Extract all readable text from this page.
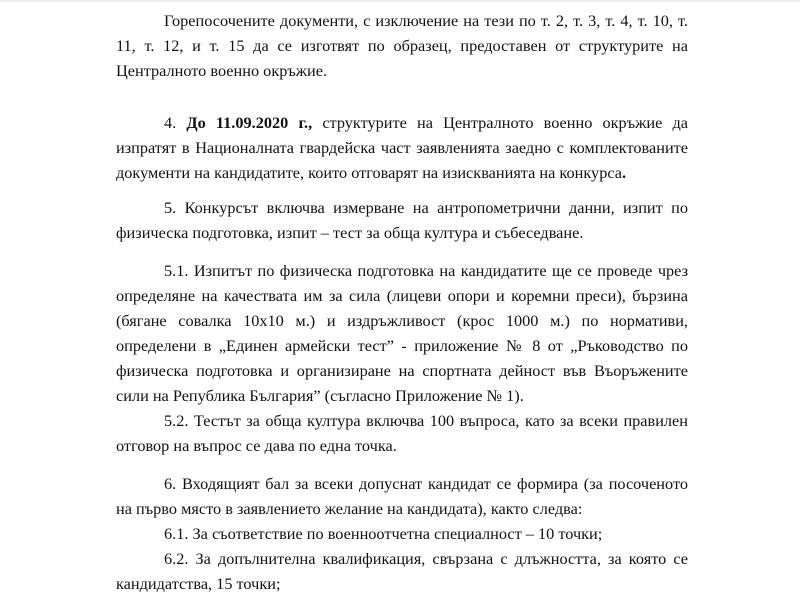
Горепосочените документи, с изключение на тези по т. 2, т. 3, т. 4, т. 10, т.
11, т. 12, и т. 15 да се изготвят по образец, предоставен от структурите на
Централното военно окръжие.
4. До 11.09.2020 г., структурите на Централното военно окръжие да
изпратят в Националната гвардейска част заявленията заедно с комплектованите
документи на кандидатите, които отговарят на изискванията на конкурса.
5. Конкурсът включва измерване на антропометрични данни, изпит по
физическа подготовка, изпит – тест за обща култура и събеседване.
5.1. Изпитът по физическа подготовка на кандидатите ще се проведе чрез
определяне на качествата им за сила (лицеви опори и коремни преси), бързина
(бягане совалка 10х10 м.) и издръжливост (крос 1000 м.) по нормативи,
определени в „Единен армейски тест” - приложение № 8 от „Ръководство по
физическа подготовка и организиране на спортната дейност във Въоръжените
сили на Република България” (съгласно Приложение № 1).
5.2. Тестът за обща култура включва 100 въпроса, като за всеки правилен
отговор на въпрос се дава по една точка.
6. Входящият бал за всеки допуснат кандидат се формира (за посоченото
на първо място в заявлението желание на кандидата), както следва:
6.1. За съответствие по военноотчетна специалност – 10 точки;
6.2. За допълнителна квалификация, свързана с длъжността, за която се
кандидатства, 15 точки;
